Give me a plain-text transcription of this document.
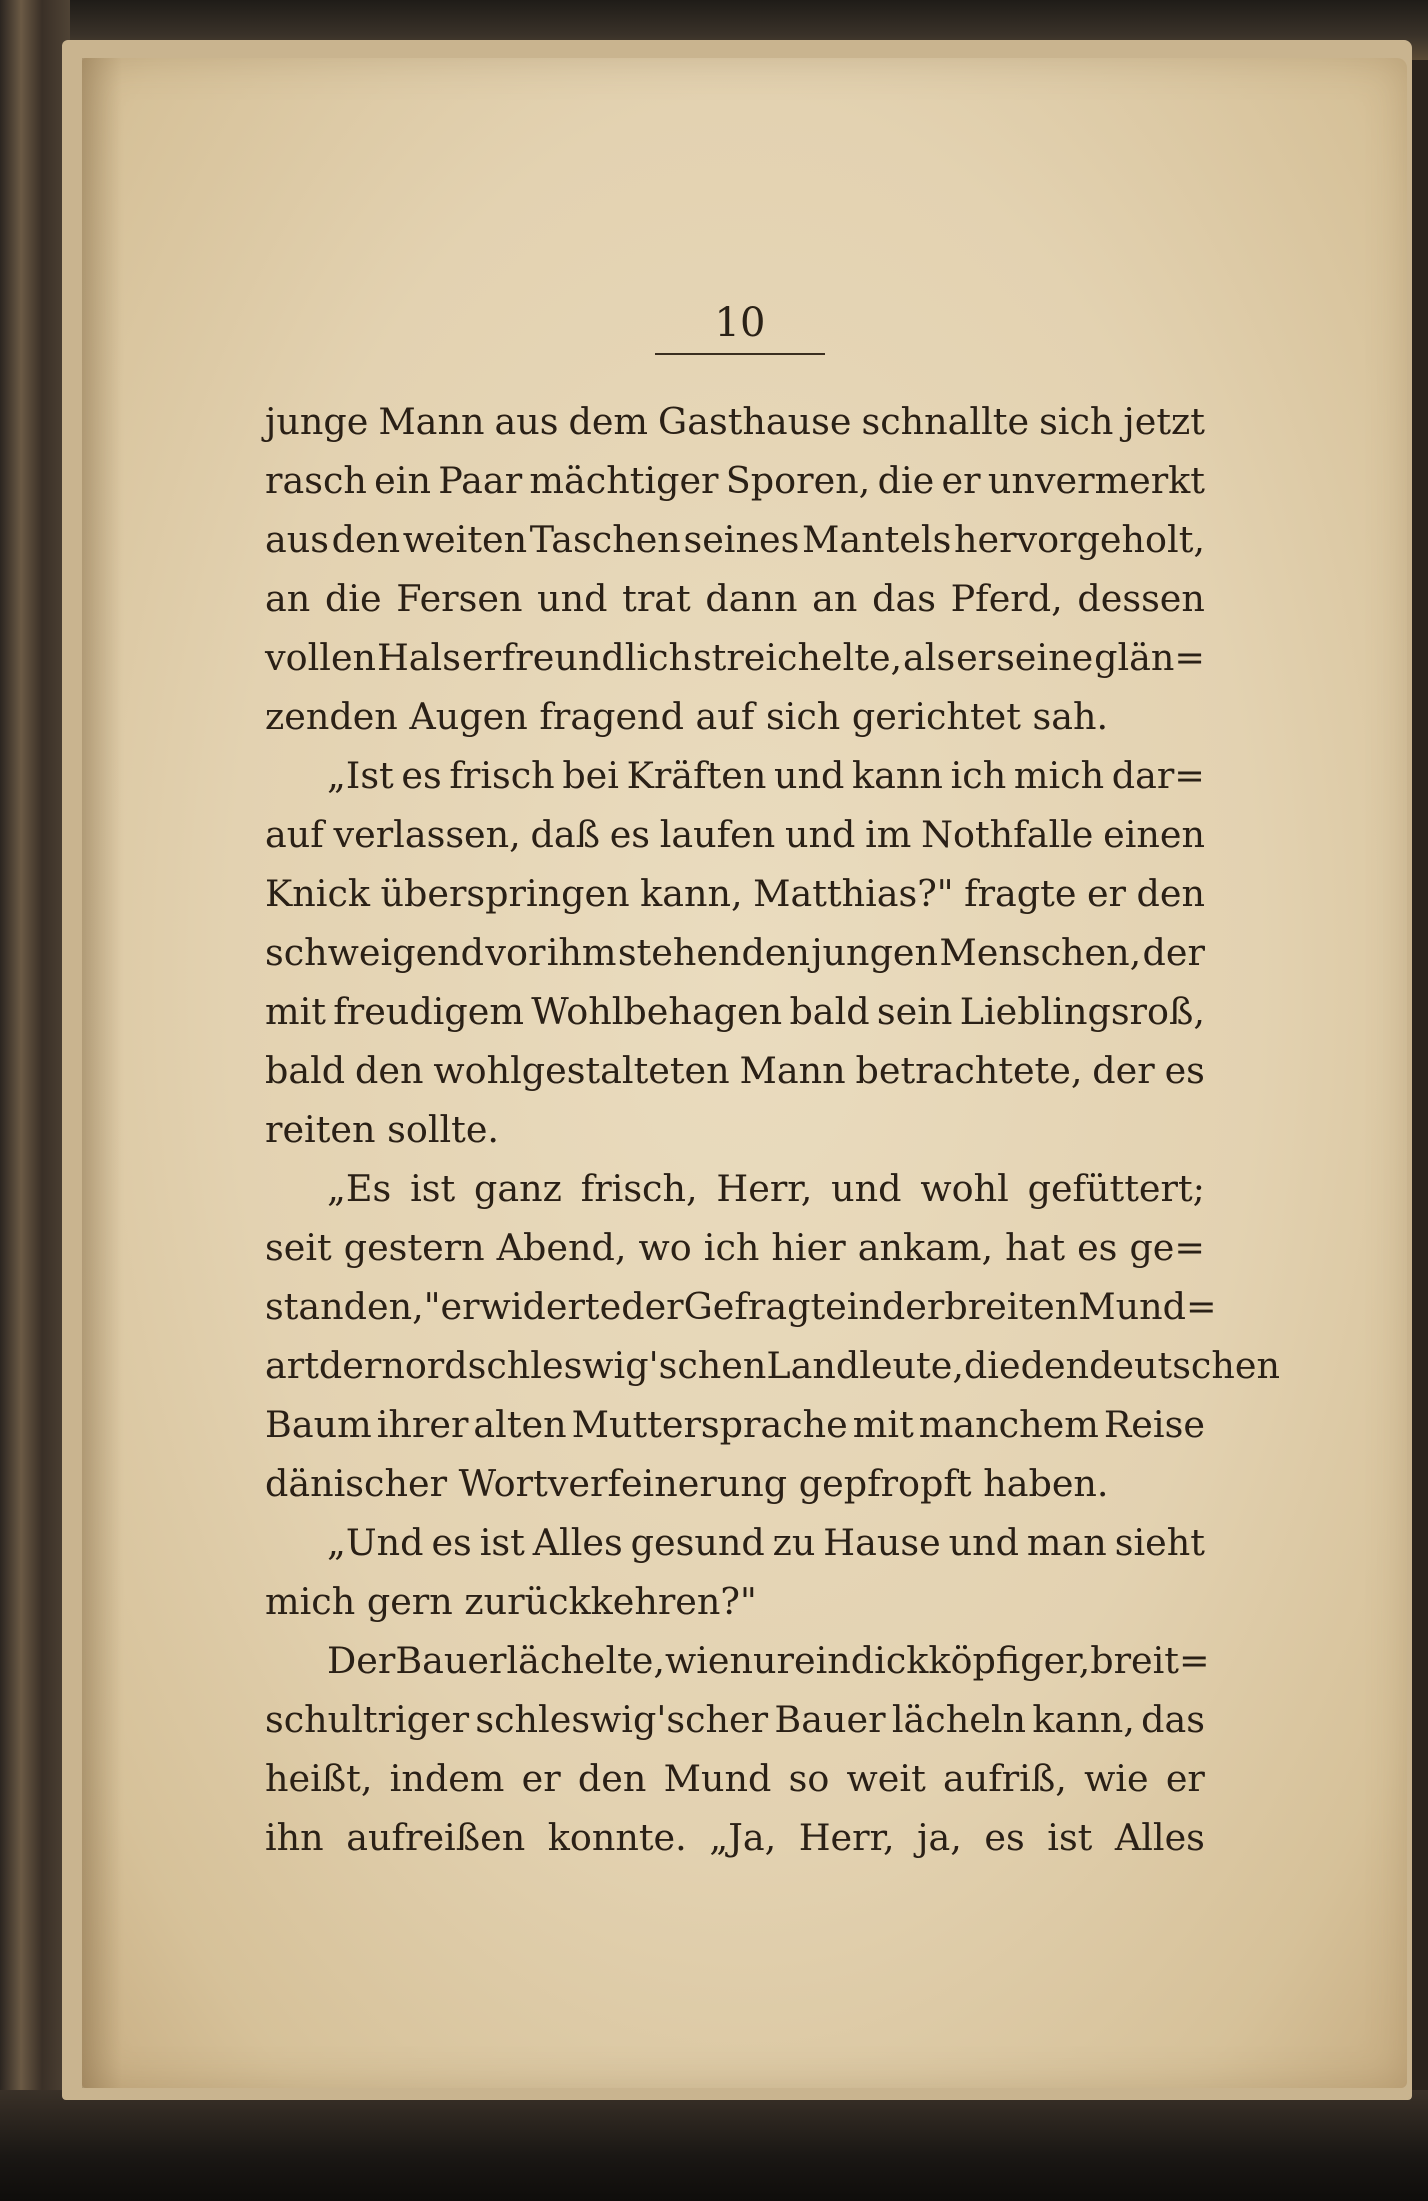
10
junge Mann aus dem Gasthause schnallte sich jetzt
rasch ein Paar mächtiger Sporen, die er unvermerkt
aus den weiten Taschen seines Mantels hervorgeholt,
an die Fersen und trat dann an das Pferd, dessen
vollen Hals er freundlich streichelte, als er seine glän=
zenden Augen fragend auf sich gerichtet sah.
„Ist es frisch bei Kräften und kann ich mich dar=
auf verlassen, daß es laufen und im Nothfalle einen
Knick überspringen kann, Matthias?" fragte er den
schweigend vor ihm stehenden jungen Menschen, der
mit freudigem Wohlbehagen bald sein Lieblingsroß,
bald den wohlgestalteten Mann betrachtete, der es
reiten sollte.
„Es ist ganz frisch, Herr, und wohl gefüttert;
seit gestern Abend, wo ich hier ankam, hat es ge=
standen," erwiderte der Gefragte in der breiten Mund=
art der nordschleswig'schen Landleute, die den deutschen
Baum ihrer alten Muttersprache mit manchem Reise
dänischer Wortverfeinerung gepfropft haben.
„Und es ist Alles gesund zu Hause und man sieht
mich gern zurückkehren?"
Der Bauer lächelte, wie nur ein dickköpfiger, breit=
schultriger schleswig'scher Bauer lächeln kann, das
heißt, indem er den Mund so weit aufriß, wie er
ihn aufreißen konnte. „Ja, Herr, ja, es ist Alles
